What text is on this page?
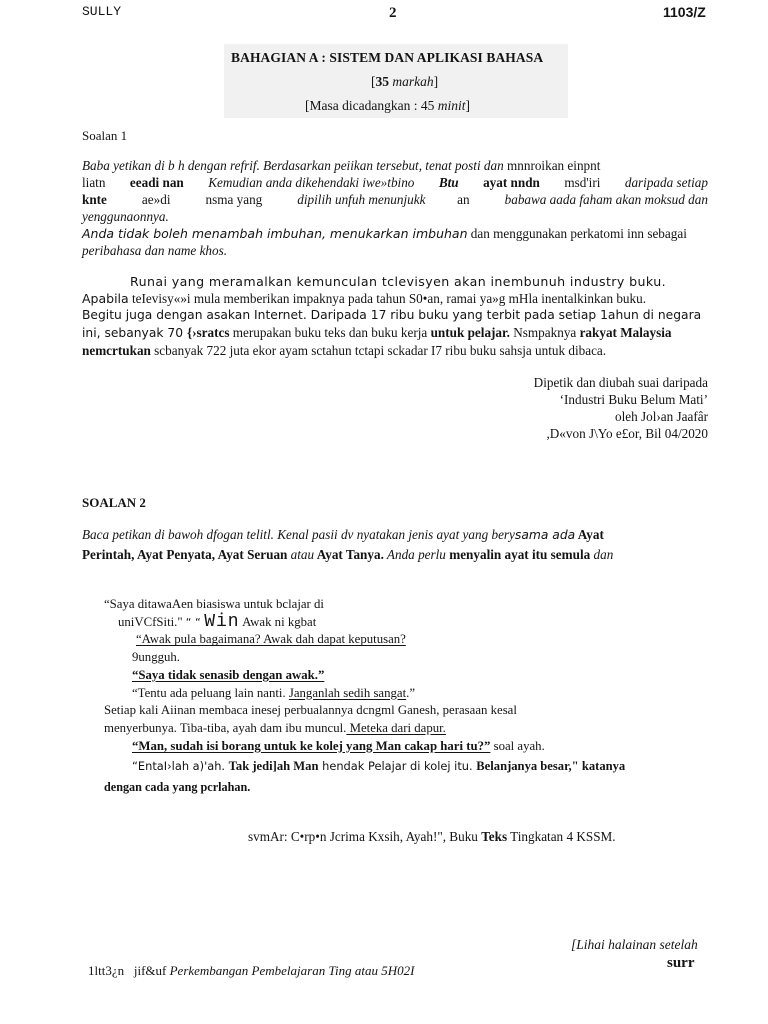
SULLY	2	1103/Z
BAHAGIAN A : SISTEM DAN APLIKASI BAHASA
[35 markah]
[Masa dicadangkan : 45 minit]
Soalan 1
Baba yetikan di b h dengan refrif. Berdasarkan peiikan tersebut, tenat posti dan mnnroikan einpnt
liatn eeadi nan Kemudian anda dikehendaki iwe»tbino Btu ayat nndn msd'iri daripada setiap
knte ae»di nsma yang dipilih unfuh menunjukk an babawa aada faham akan moksud dan
yenggunaonnya.
Anda tidak boleh menambah imbuhan, menukarkan imbuhan dan menggunakan perkatomi inn sebagai
peribahasa dan name khos.
Runai yang meramalkan kemunculan tclevisyen akan inembunuh industry buku.
Apabila teIevisy«»i mula memberikan impaknya pada tahun S0•an, ramai ya»g mHla inentalkinkan buku.
Begitu juga dengan asakan Internet. Daripada 17 ribu buku yang terbit pada setiap 1ahun di negara
ini, sebanyak 70 {›sratcs merupakan buku teks dan buku kerja untuk pelajar. Nsmpaknya rakyat Malaysia
nemcrtukan scbanyak 722 juta ekor ayam sctahun tctapi sckadar I7 ribu buku sahsja untuk dibaca.
Dipetik dan diubah suai daripada
‘Industri Buku Belum Mati’
oleh Jol›an Jaafâr
,D«von J\Yo e£or, Bil 04/2020
SOALAN 2
Baca petikan di bawoh dfogan telitl. Kenal pasii dv nyatakan jenis ayat yang berysama ada Ayat
Perintah, Ayat Penyata, Ayat Seruan atau Ayat Tanya. Anda perlu menyalin ayat itu semula dan
“Saya ditawaAen biasiswa untuk bclajar di
uniVCfSiti." “ “ Win Awak ni kgbat
“Awak pula bagaimana? Awak dah dapat keputusan?
9ungguh.
“Saya tidak senasib dengan awak.”
“Tentu ada peluang lain nanti. Janganlah sedih sangat.”
Setiap kali Aiinan membaca inesej perbualannya dcngml Ganesh, perasaan kesal
menyerbunya. Tiba-tiba, ayah dam ibu muncul. Meteka dari dapur.
“Man, sudah isi borang untuk ke kolej yang Man cakap hari tu?” soal ayah.
“EntaI›lah a)'ah. Tak jedi]ah Man hendak Pelajar di kolej itu. Belanjanya besar," katanya
dengan cada yang pcrlahan.
svmAr: C•rp•n Jcrima Kxsih, Ayah!", Buku Teks Tingkatan 4 KSSM.
[Lihai halainan setelah
surr
1ltt3¿n jif&uf Perkembangan Pembelajaran Ting atau 5H02I
